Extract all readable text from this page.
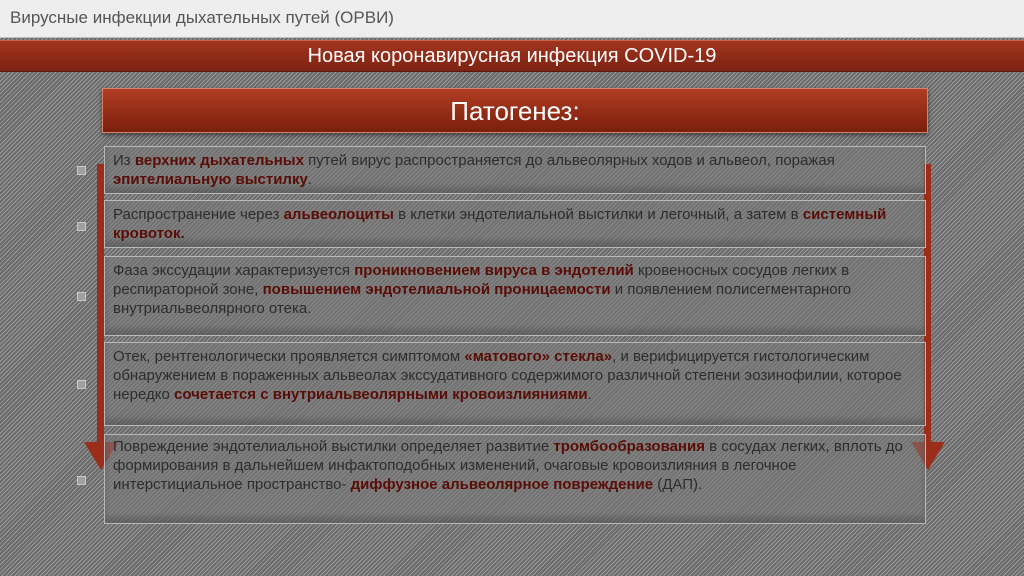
Вирусные инфекции дыхательных путей (ОРВИ)
Новая коронавирусная инфекция COVID-19
Патогенез:
Из верхних дыхательных путей вирус распространяется до альвеолярных ходов и альвеол, поражая эпителиальную выстилку.
Распространение через альвеолоциты в клетки эндотелиальной выстилки и легочный, а затем в системный кровоток.
Фаза экссудации характеризуется проникновением вируса в эндотелий кровеносных сосудов легких в респираторной зоне, повышением эндотелиальной проницаемости и появлением полисегментарного внутриальвеолярного отека.
Отек, рентгенологически проявляется симптомом «матового» стекла», и верифицируется гистологическим обнаружением в пораженных альвеолах экссудативного содержимого различной степени эозинофилии, которое нередко сочетается с внутриальвеолярными кровоизлияниями.
Повреждение эндотелиальной выстилки определяет развитие тромбообразования в сосудах легких, вплоть до формирования в дальнейшем инфактоподобных изменений, очаговые кровоизлияния в легочное интерстициальное пространство- диффузное альвеолярное повреждение (ДАП).
